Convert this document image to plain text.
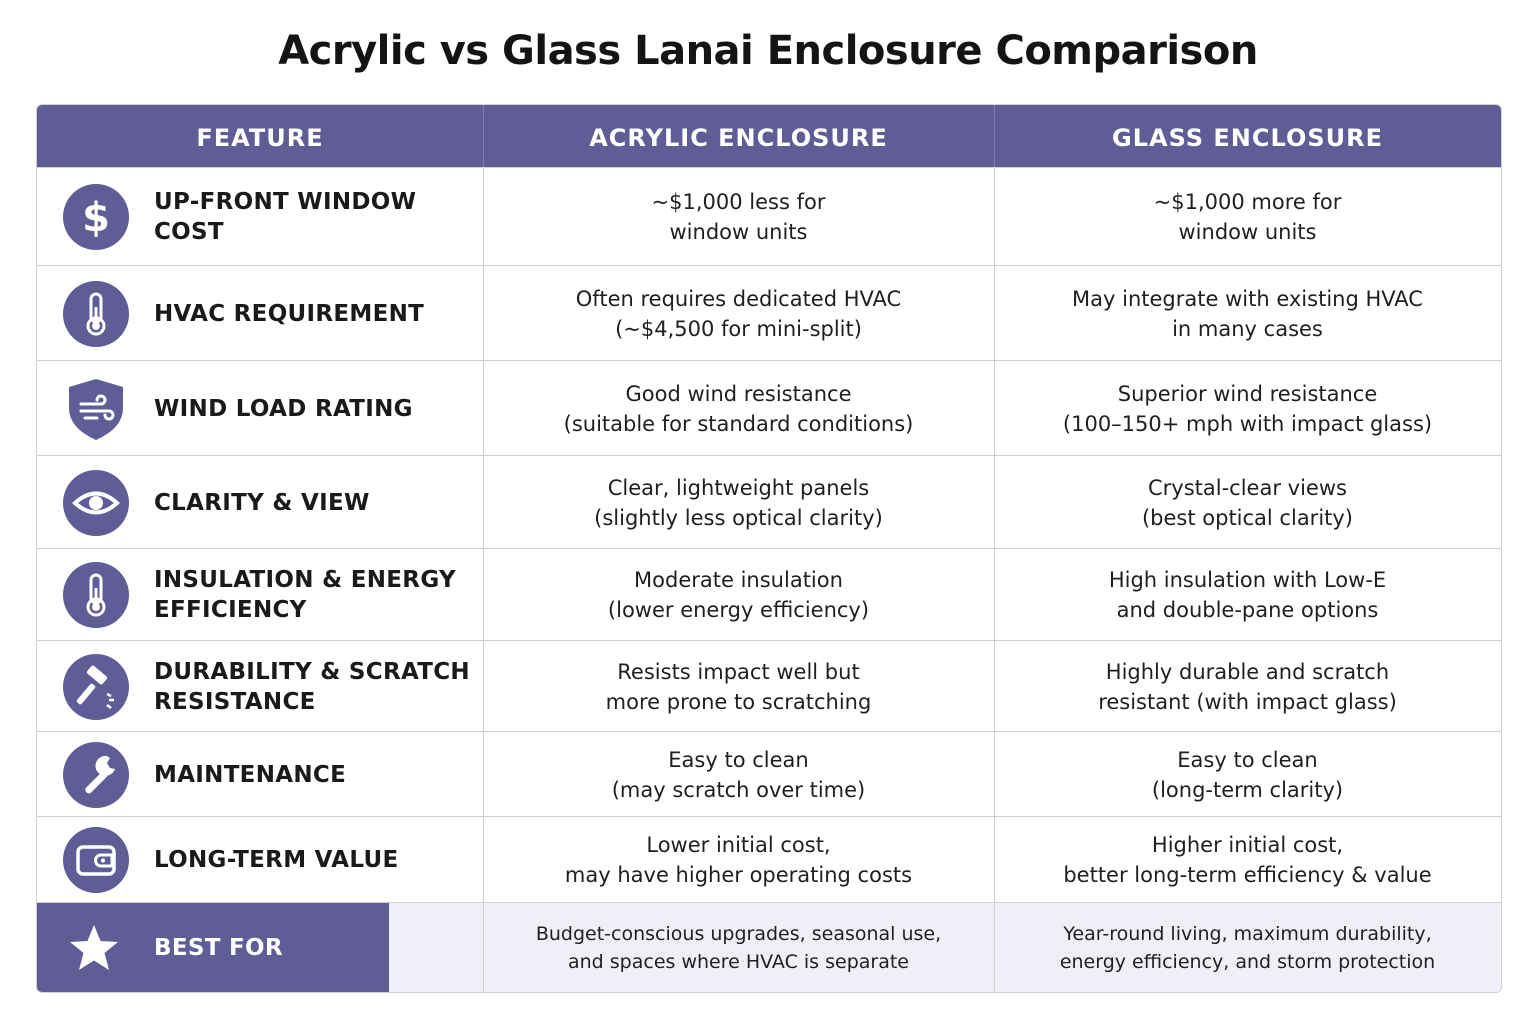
Acrylic vs Glass Lanai Enclosure Comparison
FEATURE	ACRYLIC ENCLOSURE	GLASS ENCLOSURE
$ UP-FRONT WINDOW COST
~$1,000 less for
window units
~$1,000 more for
window units
HVAC REQUIREMENT
Often requires dedicated HVAC
(~$4,500 for mini-split)
May integrate with existing HVAC
in many cases
WIND LOAD RATING
Good wind resistance
(suitable for standard conditions)
Superior wind resistance
(100–150+ mph with impact glass)
CLARITY & VIEW
Clear, lightweight panels
(slightly less optical clarity)
Crystal-clear views
(best optical clarity)
INSULATION & ENERGY EFFICIENCY
Moderate insulation
(lower energy efficiency)
High insulation with Low-E
and double-pane options
DURABILITY & SCRATCH RESISTANCE
Resists impact well but
more prone to scratching
Highly durable and scratch
resistant (with impact glass)
MAINTENANCE
Easy to clean
(may scratch over time)
Easy to clean
(long-term clarity)
LONG-TERM VALUE
Lower initial cost,
may have higher operating costs
Higher initial cost,
better long-term efficiency & value
BEST FOR
Budget-conscious upgrades, seasonal use,
and spaces where HVAC is separate
Year-round living, maximum durability,
energy efficiency, and storm protection
